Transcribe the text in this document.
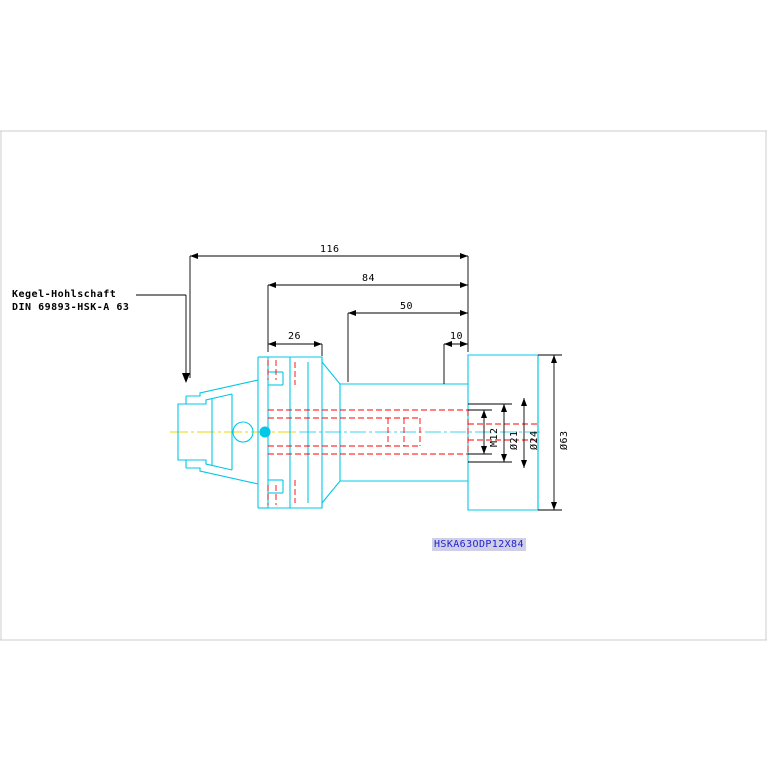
Kegel-Hohlschaft
DIN 69893-HSK-A 63
116
84
50
26	10
M12 Ø21 Ø24 Ø63
HSKA63ODP12X84
